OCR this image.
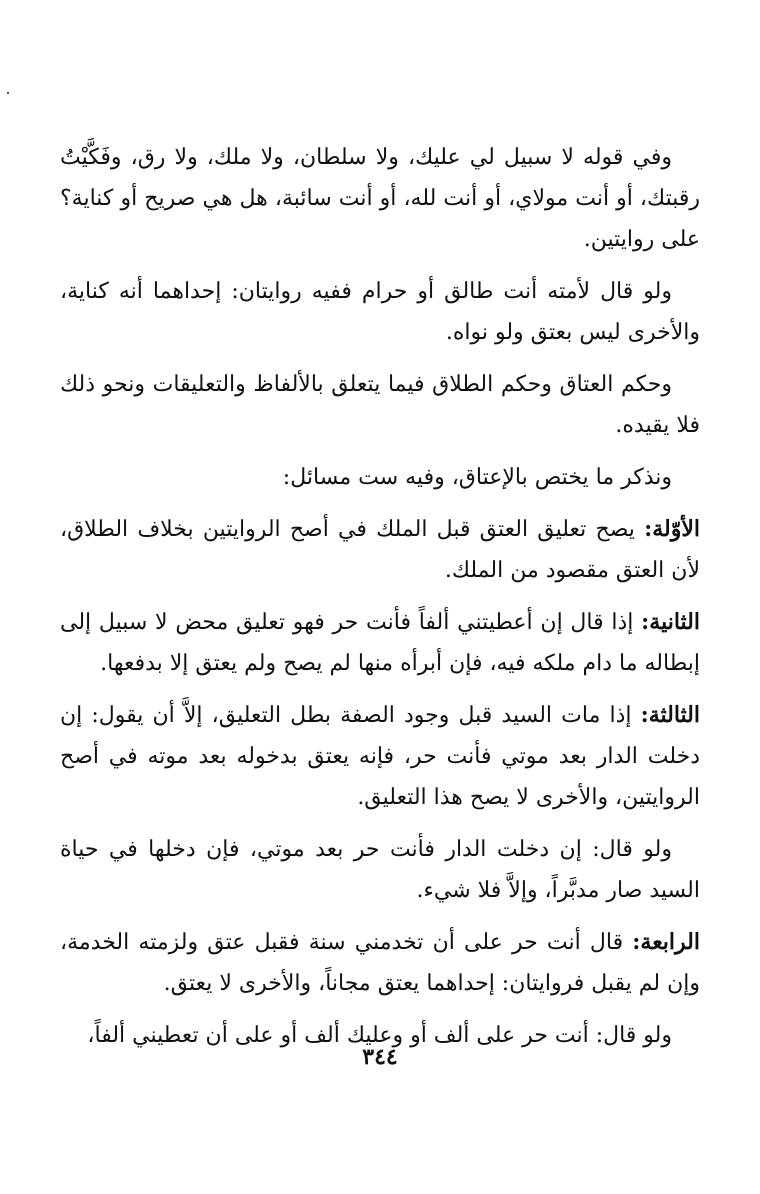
وفي قوله لا سبيل لي عليك، ولا سلطان، ولا ملك، ولا رق، وفَكَّيْتُ رقبتك، أو أنت مولاي، أو أنت لله، أو أنت سائبة، هل هي صريح أو كناية؟ على روايتين.

ولو قال لأمته أنت طالق أو حرام ففيه روايتان: إحداهما أنه كناية، والأخرى ليس بعتق ولو نواه.

وحكم العتاق وحكم الطلاق فيما يتعلق بالألفاظ والتعليقات ونحو ذلك فلا يقيده.

ونذكر ما يختص بالإعتاق، وفيه ست مسائل:

الأوّلة: يصح تعليق العتق قبل الملك في أصح الروايتين بخلاف الطلاق، لأن العتق مقصود من الملك.

الثانية: إذا قال إن أعطيتني ألفاً فأنت حر فهو تعليق محض لا سبيل إلى إبطاله ما دام ملكه فيه، فإن أبرأه منها لم يصح ولم يعتق إلا بدفعها.

الثالثة: إذا مات السيد قبل وجود الصفة بطل التعليق، إلاَّ أن يقول: إن دخلت الدار بعد موتي فأنت حر، فإنه يعتق بدخوله بعد موته في أصح الروايتين، والأخرى لا يصح هذا التعليق.

ولو قال: إن دخلت الدار فأنت حر بعد موتي، فإن دخلها في حياة السيد صار مدبَّراً، وإلاَّ فلا شيء.

الرابعة: قال أنت حر على أن تخدمني سنة فقبل عتق ولزمته الخدمة، وإن لم يقبل فروايتان: إحداهما يعتق مجاناً، والأخرى لا يعتق.

ولو قال: أنت حر على ألف أو وعليك ألف أو على أن تعطيني ألفاً،

٣٤٤
